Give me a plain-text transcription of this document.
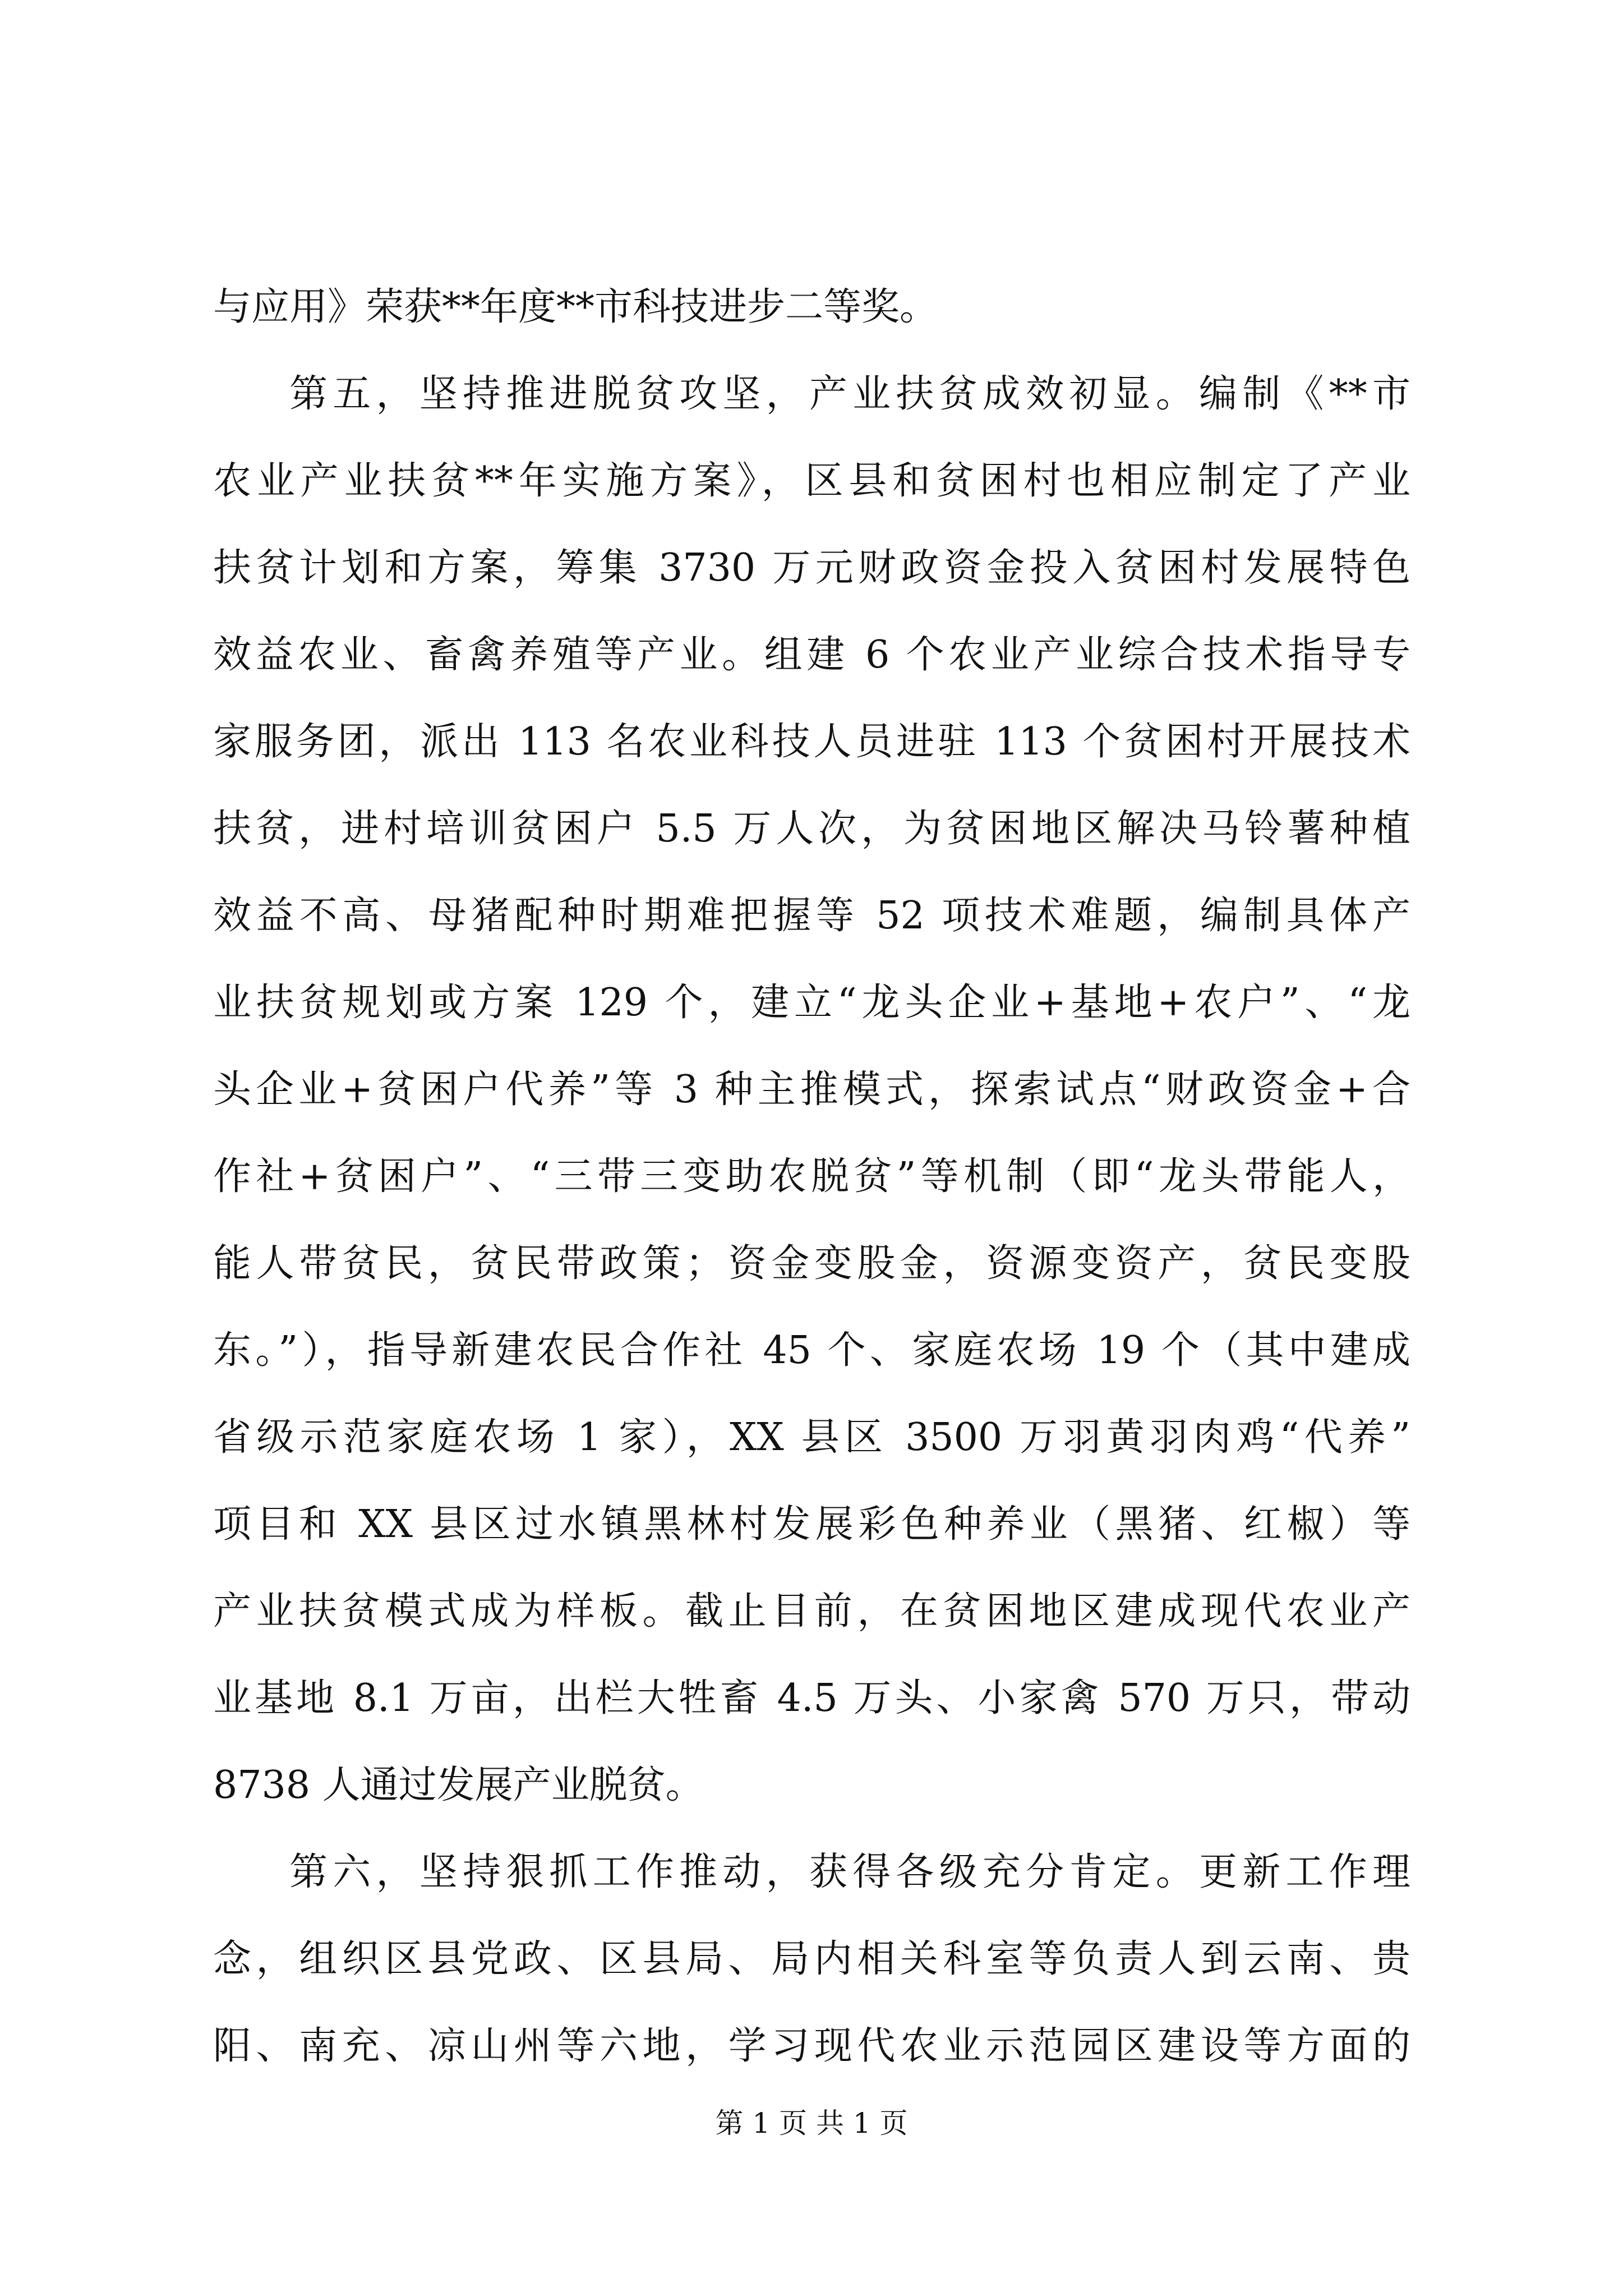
与应用》荣获**年度**市科技进步二等奖。
第五，坚持推进脱贫攻坚，产业扶贫成效初显。编制《**市
农业产业扶贫**年实施方案》，区县和贫困村也相应制定了产业
扶贫计划和方案，筹集 3730 万元财政资金投入贫困村发展特色
效益农业、畜禽养殖等产业。组建 6 个农业产业综合技术指导专
家服务团，派出 113 名农业科技人员进驻 113 个贫困村开展技术
扶贫，进村培训贫困户 5.5 万人次，为贫困地区解决马铃薯种植
效益不高、母猪配种时期难把握等 52 项技术难题，编制具体产
业扶贫规划或方案 129 个，建立“龙头企业+基地+农户”、“龙
头企业+贫困户代养”等 3 种主推模式，探索试点“财政资金+合
作社+贫困户”、“三带三变助农脱贫”等机制（即“龙头带能人，
能人带贫民，贫民带政策；资金变股金，资源变资产，贫民变股
东。”），指导新建农民合作社 45 个、家庭农场 19 个（其中建成
省级示范家庭农场 1 家），XX 县区 3500 万羽黄羽肉鸡“代养”
项目和 XX 县区过水镇黑林村发展彩色种养业（黑猪、红椒）等
产业扶贫模式成为样板。截止目前，在贫困地区建成现代农业产
业基地 8.1 万亩，出栏大牲畜 4.5 万头、小家禽 570 万只，带动
8738 人通过发展产业脱贫。
第六，坚持狠抓工作推动，获得各级充分肯定。更新工作理
念，组织区县党政、区县局、局内相关科室等负责人到云南、贵
阳、南充、凉山州等六地，学习现代农业示范园区建设等方面的
第 1 页 共 1 页
